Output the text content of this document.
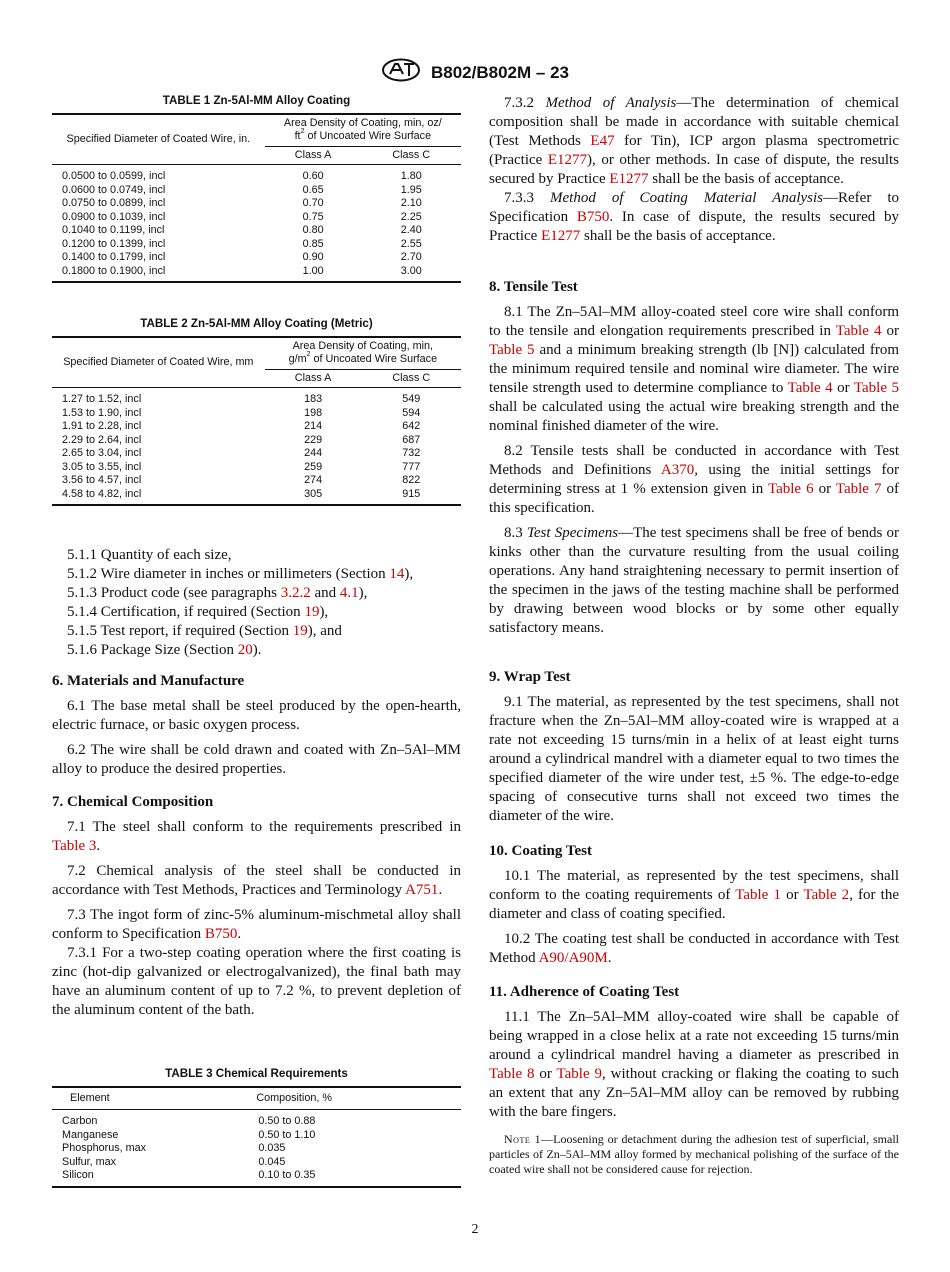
B802/B802M – 23
TABLE 1 Zn-5Al-MM Alloy Coating
Specified Diameter of Coated Wire, in.	Area Density of Coating, min, oz/
$ft^2$ of Uncoated Wire Surface	
	Class A	Class C
0.0500 to 0.0599, incl	0.60	1.80
0.0600 to 0.0749, incl	0.65	1.95
0.0750 to 0.0899, incl	0.70	2.10
0.0900 to 0.1039, incl	0.75	2.25
0.1040 to 0.1199, incl	0.80	2.40
0.1200 to 0.1399, incl	0.85	2.55
0.1400 to 0.1799, incl	0.90	2.70
0.1800 to 0.1900, incl	1.00	3.00
TABLE 2 Zn-5Al-MM Alloy Coating (Metric)
Specified Diameter of Coated Wire, mm	Area Density of Coating, min,
$g/m^2$ of Uncoated Wire Surface	
	Class A	Class C
1.27 to 1.52, incl	183	549
1.53 to 1.90, incl	198	594
1.91 to 2.28, incl	214	642
2.29 to 2.64, incl	229	687
2.65 to 3.04, incl	244	732
3.05 to 3.55, incl	259	777
3.56 to 4.57, incl	274	822
4.58 to 4.82, incl	305	915

5.1.1 Quantity of each size,

5.1.2 Wire diameter in inches or millimeters (Section 14),

5.1.3 Product code (see paragraphs 3.2.2 and 4.1),

5.1.4 Certification, if required (Section 19),

5.1.5 Test report, if required (Section 19), and

5.1.6 Package Size (Section 20).

6. Materials and Manufacture

6.1 The base metal shall be steel produced by the open-hearth, electric furnace, or basic oxygen process.

6.2 The wire shall be cold drawn and coated with Zn–5Al–MM alloy to produce the desired properties.

7. Chemical Composition

7.1 The steel shall conform to the requirements prescribed in Table 3.

7.2 Chemical analysis of the steel shall be conducted in accordance with Test Methods, Practices and Terminology A751.

7.3 The ingot form of zinc-5% aluminum-mischmetal alloy shall conform to Specification B750.

7.3.1 For a two-step coating operation where the first coating is zinc (hot-dip galvanized or electrogalvanized), the final bath may have an aluminum content of up to 7.2 %, to prevent depletion of the aluminum content of the bath.

TABLE 3 Chemical Requirements
Element	Composition, %
Carbon	0.50 to 0.88
Manganese	0.50 to 1.10
Phosphorus, max	0.035
Sulfur, max	0.045
Silicon	0.10 to 0.35

7.3.2 Method of Analysis—The determination of chemical composition shall be made in accordance with suitable chemical (Test Methods E47 for Tin), ICP argon plasma spectrometric (Practice E1277), or other methods. In case of dispute, the results secured by Practice E1277 shall be the basis of acceptance.

7.3.3 Method of Coating Material Analysis—Refer to Specification B750. In case of dispute, the results secured by Practice E1277 shall be the basis of acceptance.

8. Tensile Test

8.1 The Zn–5Al–MM alloy-coated steel core wire shall conform to the tensile and elongation requirements prescribed in Table 4 or Table 5 and a minimum breaking strength (lb [N]) calculated from the minimum required tensile and nominal wire diameter. The wire tensile strength used to determine compliance to Table 4 or Table 5 shall be calculated using the actual wire breaking strength and the nominal finished diameter of the wire.

8.2 Tensile tests shall be conducted in accordance with Test Methods and Definitions A370, using the initial settings for determining stress at 1 % extension given in Table 6 or Table 7 of this specification.

8.3 Test Specimens—The test specimens shall be free of bends or kinks other than the curvature resulting from the usual coiling operations. Any hand straightening necessary to permit insertion of the specimen in the jaws of the testing machine shall be performed by drawing between wood blocks or by some other equally satisfactory means.

9. Wrap Test

9.1 The material, as represented by the test specimens, shall not fracture when the Zn–5Al–MM alloy-coated wire is wrapped at a rate not exceeding 15 turns/min in a helix of at least eight turns around a cylindrical mandrel with a diameter equal to two times the specified diameter of the wire under test, ±5 %. The edge-to-edge spacing of consecutive turns shall not exceed two times the diameter of the wire.

10. Coating Test

10.1 The material, as represented by the test specimens, shall conform to the coating requirements of Table 1 or Table 2, for the diameter and class of coating specified.

10.2 The coating test shall be conducted in accordance with Test Method A90/A90M.

11. Adherence of Coating Test

11.1 The Zn–5Al–MM alloy-coated wire shall be capable of being wrapped in a close helix at a rate not exceeding 15 turns/min around a cylindrical mandrel having a diameter as prescribed in Table 8 or Table 9, without cracking or flaking the coating to such an extent that any Zn–5Al–MM alloy can be removed by rubbing with the bare fingers.

Note 1—Loosening or detachment during the adhesion test of superficial, small particles of Zn–5Al–MM alloy formed by mechanical polishing of the surface of the coated wire shall not be considered cause for rejection.

2
